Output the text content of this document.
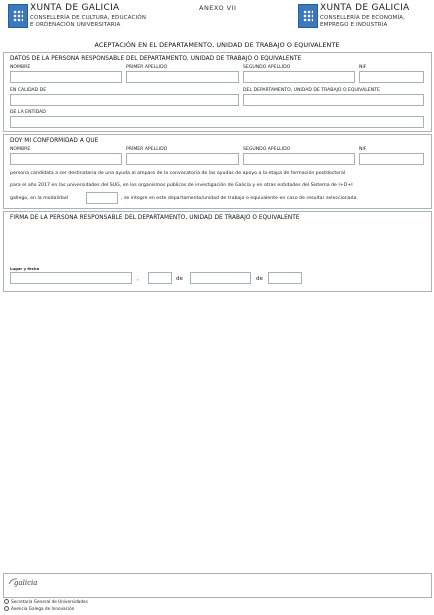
XUNTA DE GALICIA
CONSELLERÍA DE CULTURA, EDUCACIÓN
E ORDENACIÓN UNIVERSITARIA
ANEXO VII	XUNTA DE GALICIA
CONSELLERÍA DE ECONOMÍA,
EMPREGO E INDUSTRIA
ACEPTACIÓN EN EL DEPARTAMENTO, UNIDAD DE TRABAJO O EQUIVALENTE
DATOS DE LA PERSONA RESPONSABLE DEL DEPARTAMENTO, UNIDAD DE TRABAJO O EQUIVALENTE
NOMBRE	PRIMER APELLIDO	SEGUNDO APELLIDO	NIF
EN CALIDAD DE	DEL DEPARTAMENTO, UNIDAD DE TRABAJO O EQUIVALENTE
DE LA ENTIDAD
DOY MI CONFORMIDAD A QUE
NOMBRE	PRIMER APELLIDO	SEGUNDO APELLIDO	NIF
persona candidata a ser destinataria de una ayuda al amparo de la convocatoria de las ayudas de apoyo a la etapa de formación postdoctoral
para el año 2017 en las universidades del SUG, en los organismos públicos de investigación de Galicia y en otras entidades del Sistema de I+D+I
gallego, en la modalidad	, se integre en este departamento/unidad de trabajo o equivalente en caso de resultar seleccionada.
FIRMA DE LA PERSONA RESPONSABLE DEL DEPARTAMENTO, UNIDAD DE TRABAJO O EQUIVALENTE
Lugar y fecha
,	de	de
galicia
Secretaría General de Universidades
Axencia Galega de Innovación
